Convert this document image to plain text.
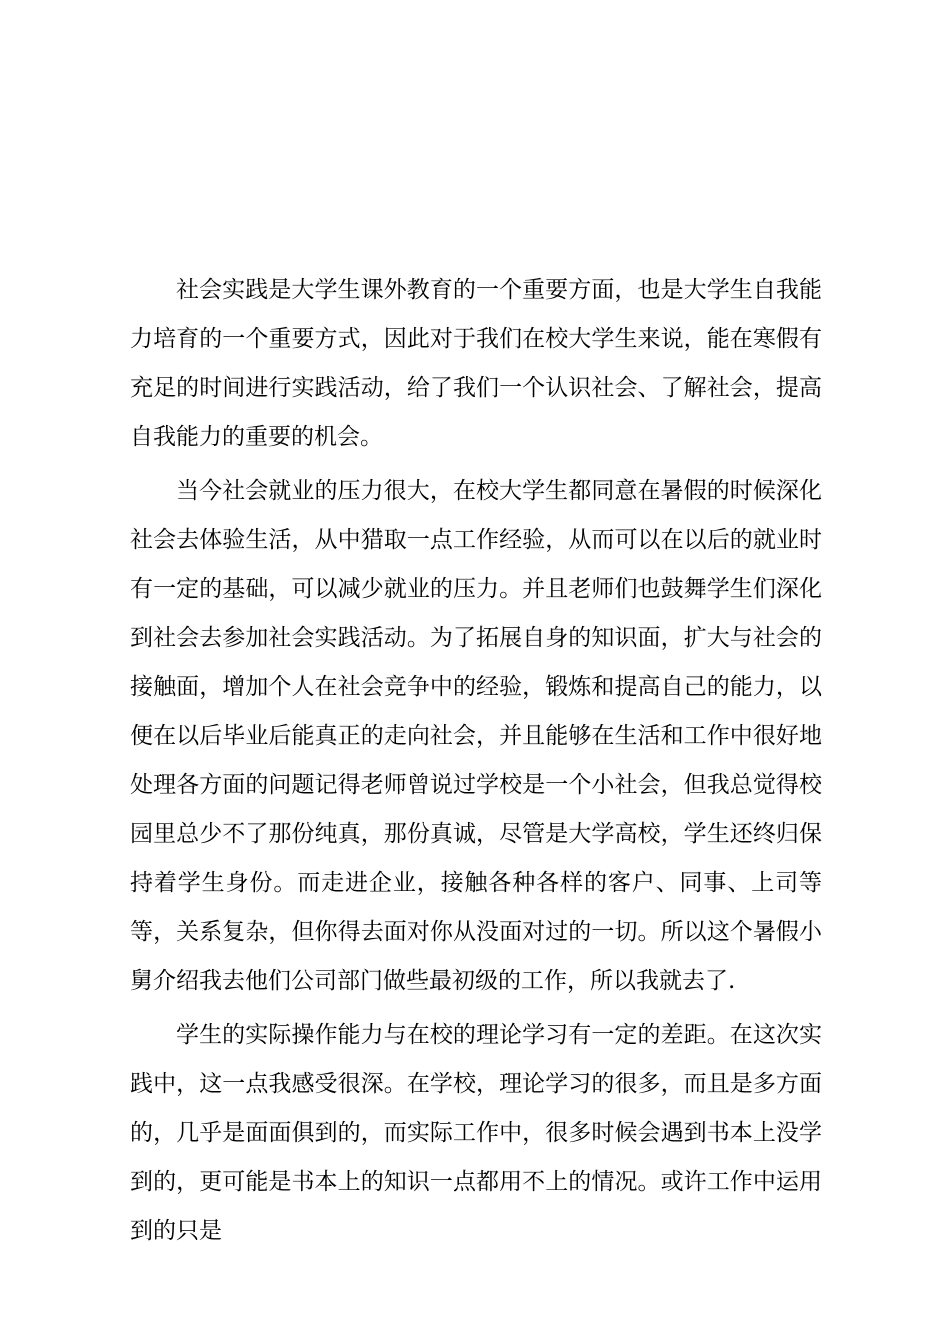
社会实践是大学生课外教育的一个重要方面，也是大学生自我能力培育的一个重要方式，因此对于我们在校大学生来说，能在寒假有充足的时间进行实践活动，给了我们一个认识社会、了解社会，提高自我能力的重要的机会。

当今社会就业的压力很大，在校大学生都同意在暑假的时候深化社会去体验生活，从中猎取一点工作经验，从而可以在以后的就业时有一定的基础，可以减少就业的压力。并且老师们也鼓舞学生们深化到社会去参加社会实践活动。为了拓展自身的知识面，扩大与社会的接触面，增加个人在社会竞争中的经验，锻炼和提高自己的能力，以便在以后毕业后能真正的走向社会，并且能够在生活和工作中很好地处理各方面的问题记得老师曾说过学校是一个小社会，但我总觉得校园里总少不了那份纯真，那份真诚，尽管是大学高校，学生还终归保持着学生身份。而走进企业，接触各种各样的客户、同事、上司等等，关系复杂，但你得去面对你从没面对过的一切。所以这个暑假小舅介绍我去他们公司部门做些最初级的工作，所以我就去了.

学生的实际操作能力与在校的理论学习有一定的差距。在这次实践中，这一点我感受很深。在学校，理论学习的很多，而且是多方面的，几乎是面面俱到的，而实际工作中，很多时候会遇到书本上没学到的，更可能是书本上的知识一点都用不上的情况。或许工作中运用到的只是
